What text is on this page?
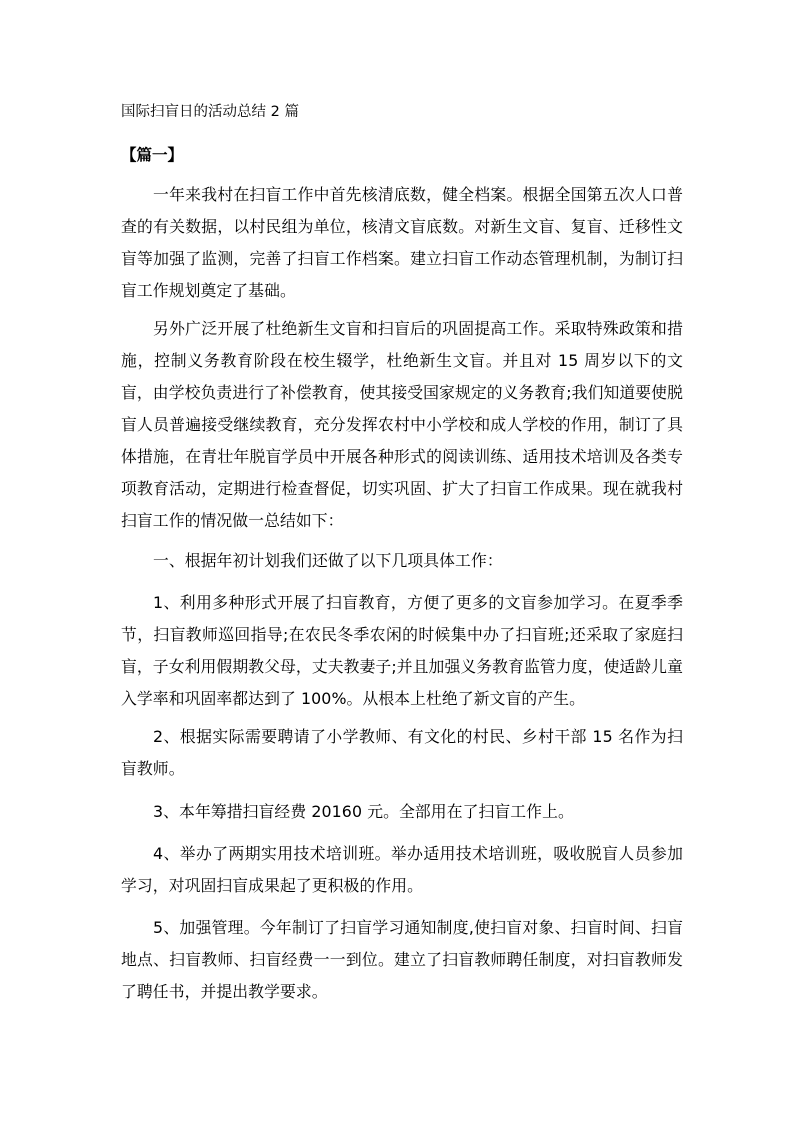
国际扫盲日的活动总结 2 篇
【篇一】

一年来我村在扫盲工作中首先核清底数，健全档案。根据全国第五次人口普查的有关数据，以村民组为单位，核清文盲底数。对新生文盲、复盲、迁移性文盲等加强了监测，完善了扫盲工作档案。建立扫盲工作动态管理机制，为制订扫盲工作规划奠定了基础。

另外广泛开展了杜绝新生文盲和扫盲后的巩固提高工作。采取特殊政策和措施，控制义务教育阶段在校生辍学，杜绝新生文盲。并且对 15 周岁以下的文盲，由学校负责进行了补偿教育，使其接受国家规定的义务教育;我们知道要使脱盲人员普遍接受继续教育，充分发挥农村中小学校和成人学校的作用，制订了具体措施，在青壮年脱盲学员中开展各种形式的阅读训练、适用技术培训及各类专项教育活动，定期进行检查督促，切实巩固、扩大了扫盲工作成果。现在就我村扫盲工作的情况做一总结如下：

一、根据年初计划我们还做了以下几项具体工作：

1、利用多种形式开展了扫盲教育，方便了更多的文盲参加学习。在夏季季节，扫盲教师巡回指导;在农民冬季农闲的时候集中办了扫盲班;还采取了家庭扫盲，子女利用假期教父母，丈夫教妻子;并且加强义务教育监管力度，使适龄儿童入学率和巩固率都达到了 100%。从根本上杜绝了新文盲的产生。

2、根据实际需要聘请了小学教师、有文化的村民、乡村干部 15 名作为扫盲教师。

3、本年筹措扫盲经费 20160 元。全部用在了扫盲工作上。

4、举办了两期实用技术培训班。举办适用技术培训班，吸收脱盲人员参加学习，对巩固扫盲成果起了更积极的作用。

5、加强管理。今年制订了扫盲学习通知制度,使扫盲对象、扫盲时间、扫盲地点、扫盲教师、扫盲经费一一到位。建立了扫盲教师聘任制度，对扫盲教师发了聘任书，并提出教学要求。
